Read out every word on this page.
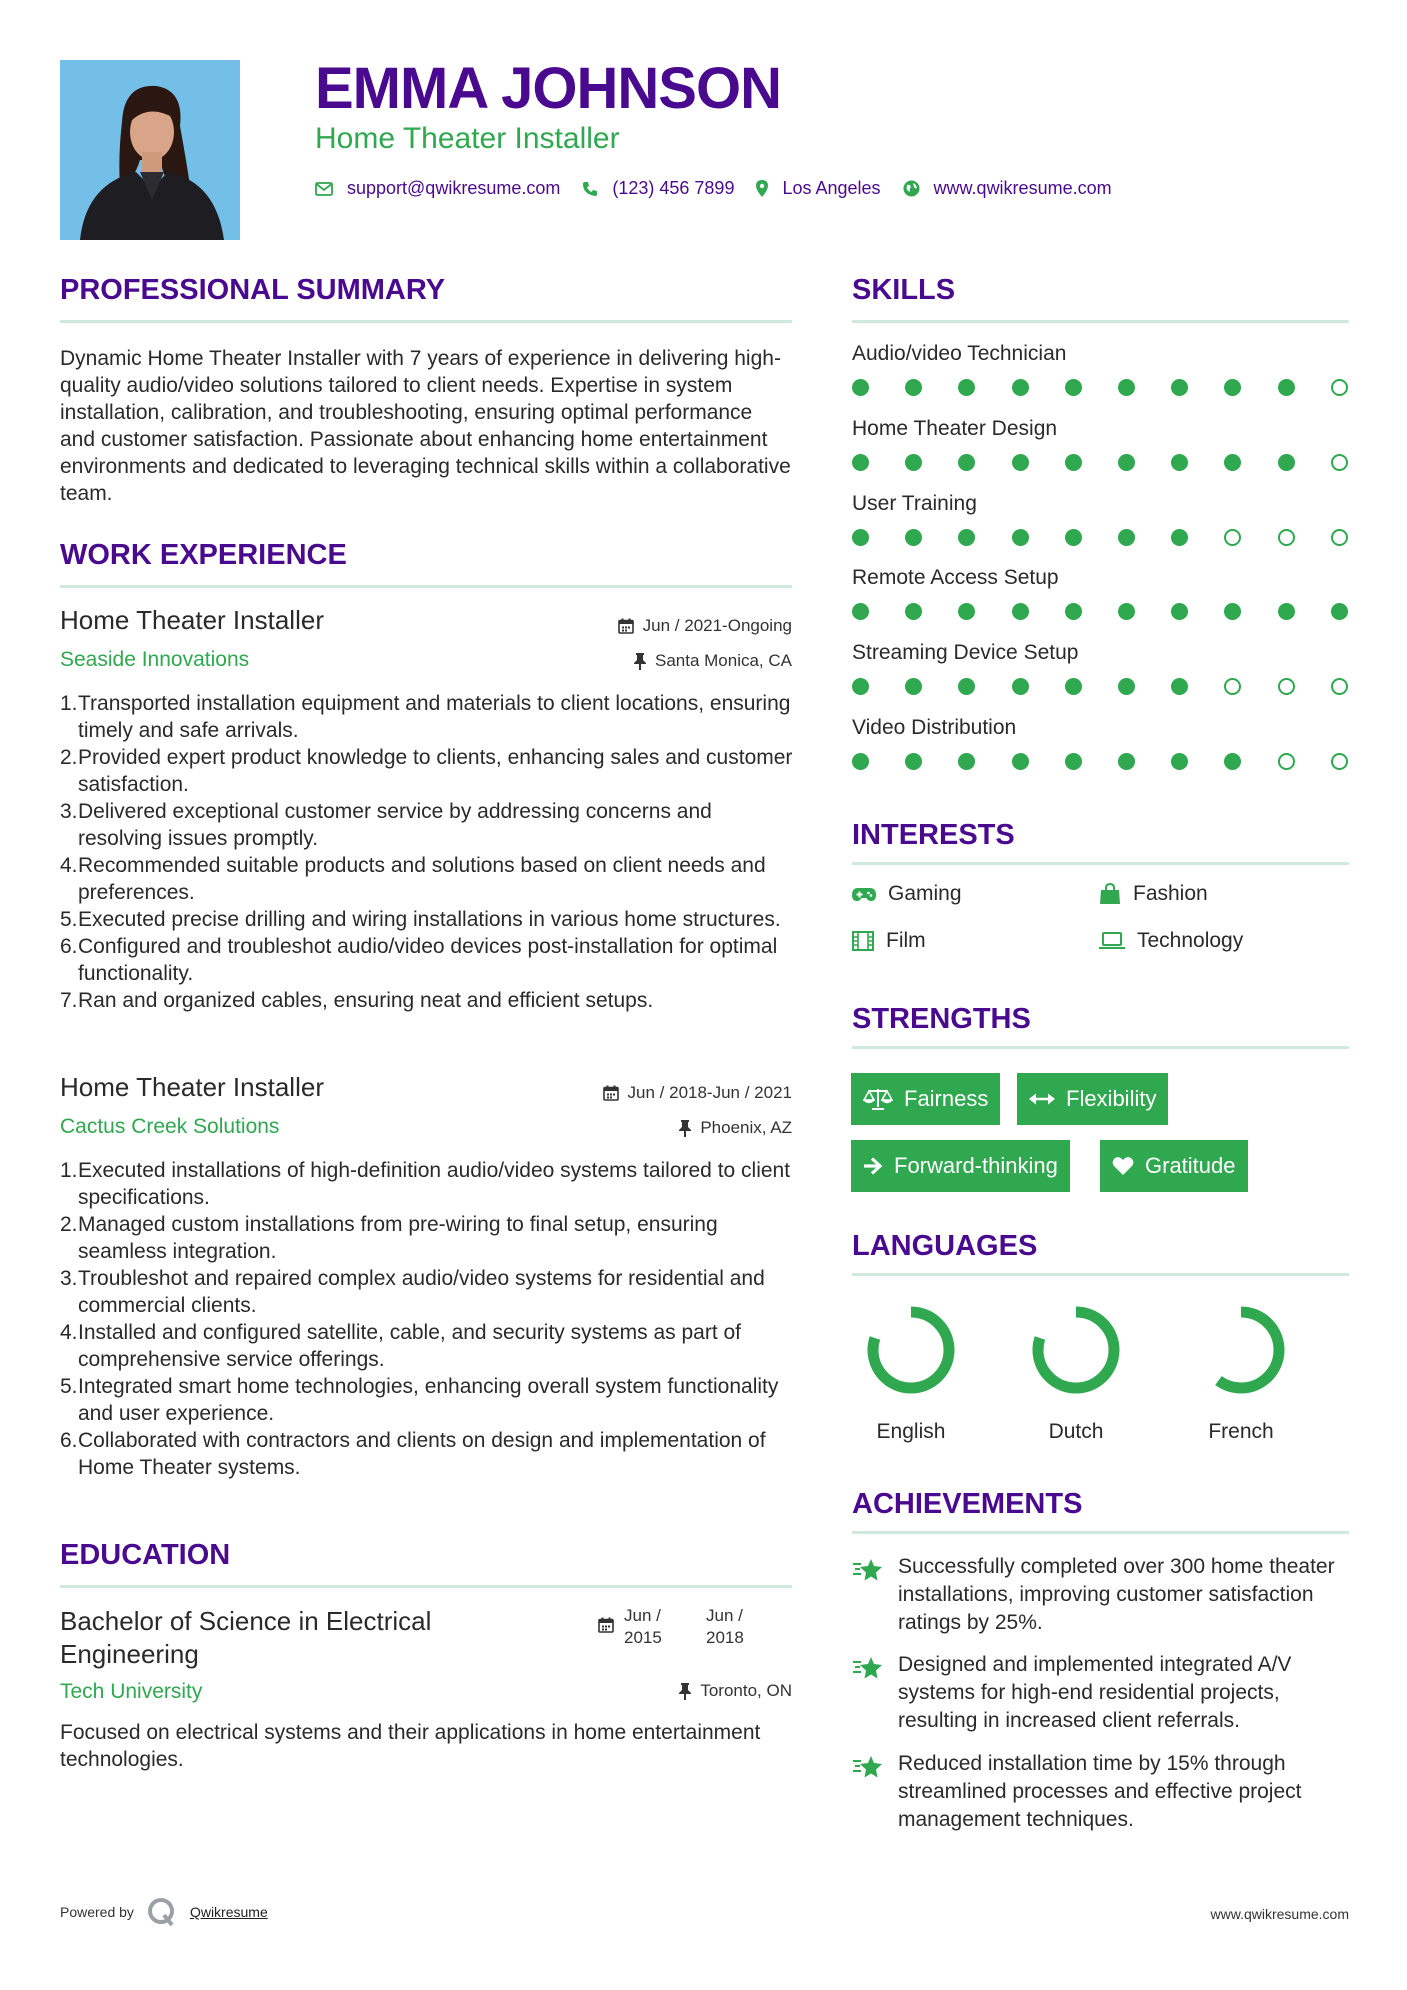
EMMA JOHNSON
Home Theater Installer
support@qwikresume.com	(123) 456 7899	Los Angeles	www.qwikresume.com
PROFESSIONAL SUMMARY
Dynamic Home Theater Installer with 7 years of experience in delivering high-quality audio/video solutions tailored to client needs. Expertise in system installation, calibration, and troubleshooting, ensuring optimal performance and customer satisfaction. Passionate about enhancing home entertainment environments and dedicated to leveraging technical skills within a collaborative team.
WORK EXPERIENCE
Home Theater Installer	Jun / 2021-Ongoing
Seaside Innovations	Santa Monica, CA
1. Transported installation equipment and materials to client locations, ensuring timely and safe arrivals.
2. Provided expert product knowledge to clients, enhancing sales and customer satisfaction.
3. Delivered exceptional customer service by addressing concerns and resolving issues promptly.
4. Recommended suitable products and solutions based on client needs and preferences.
5. Executed precise drilling and wiring installations in various home structures.
6. Configured and troubleshot audio/video devices post-installation for optimal functionality.
7. Ran and organized cables, ensuring neat and efficient setups.
Home Theater Installer	Jun / 2018-Jun / 2021
Cactus Creek Solutions	Phoenix, AZ
1. Executed installations of high-definition audio/video systems tailored to client specifications.
2. Managed custom installations from pre-wiring to final setup, ensuring seamless integration.
3. Troubleshot and repaired complex audio/video systems for residential and commercial clients.
4. Installed and configured satellite, cable, and security systems as part of comprehensive service offerings.
5. Integrated smart home technologies, enhancing overall system functionality and user experience.
6. Collaborated with contractors and clients on design and implementation of Home Theater systems.
EDUCATION
Bachelor of Science in Electrical Engineering
Jun / 2015
Jun / 2018
Tech University	Toronto, ON
Focused on electrical systems and their applications in home entertainment technologies.
SKILLS
Audio/video Technician
Home Theater Design
User Training
Remote Access Setup
Streaming Device Setup
Video Distribution
INTERESTS
Gaming	Fashion
Film	Technology
STRENGTHS
Fairness	Flexibility
Forward-thinking	Gratitude
LANGUAGES
English	Dutch	French
ACHIEVEMENTS
Successfully completed over 300 home theater installations, improving customer satisfaction ratings by 25%.
Designed and implemented integrated A/V systems for high-end residential projects, resulting in increased client referrals.
Reduced installation time by 15% through streamlined processes and effective project management techniques.
Powered by	Qwikresume	www.qwikresume.com
